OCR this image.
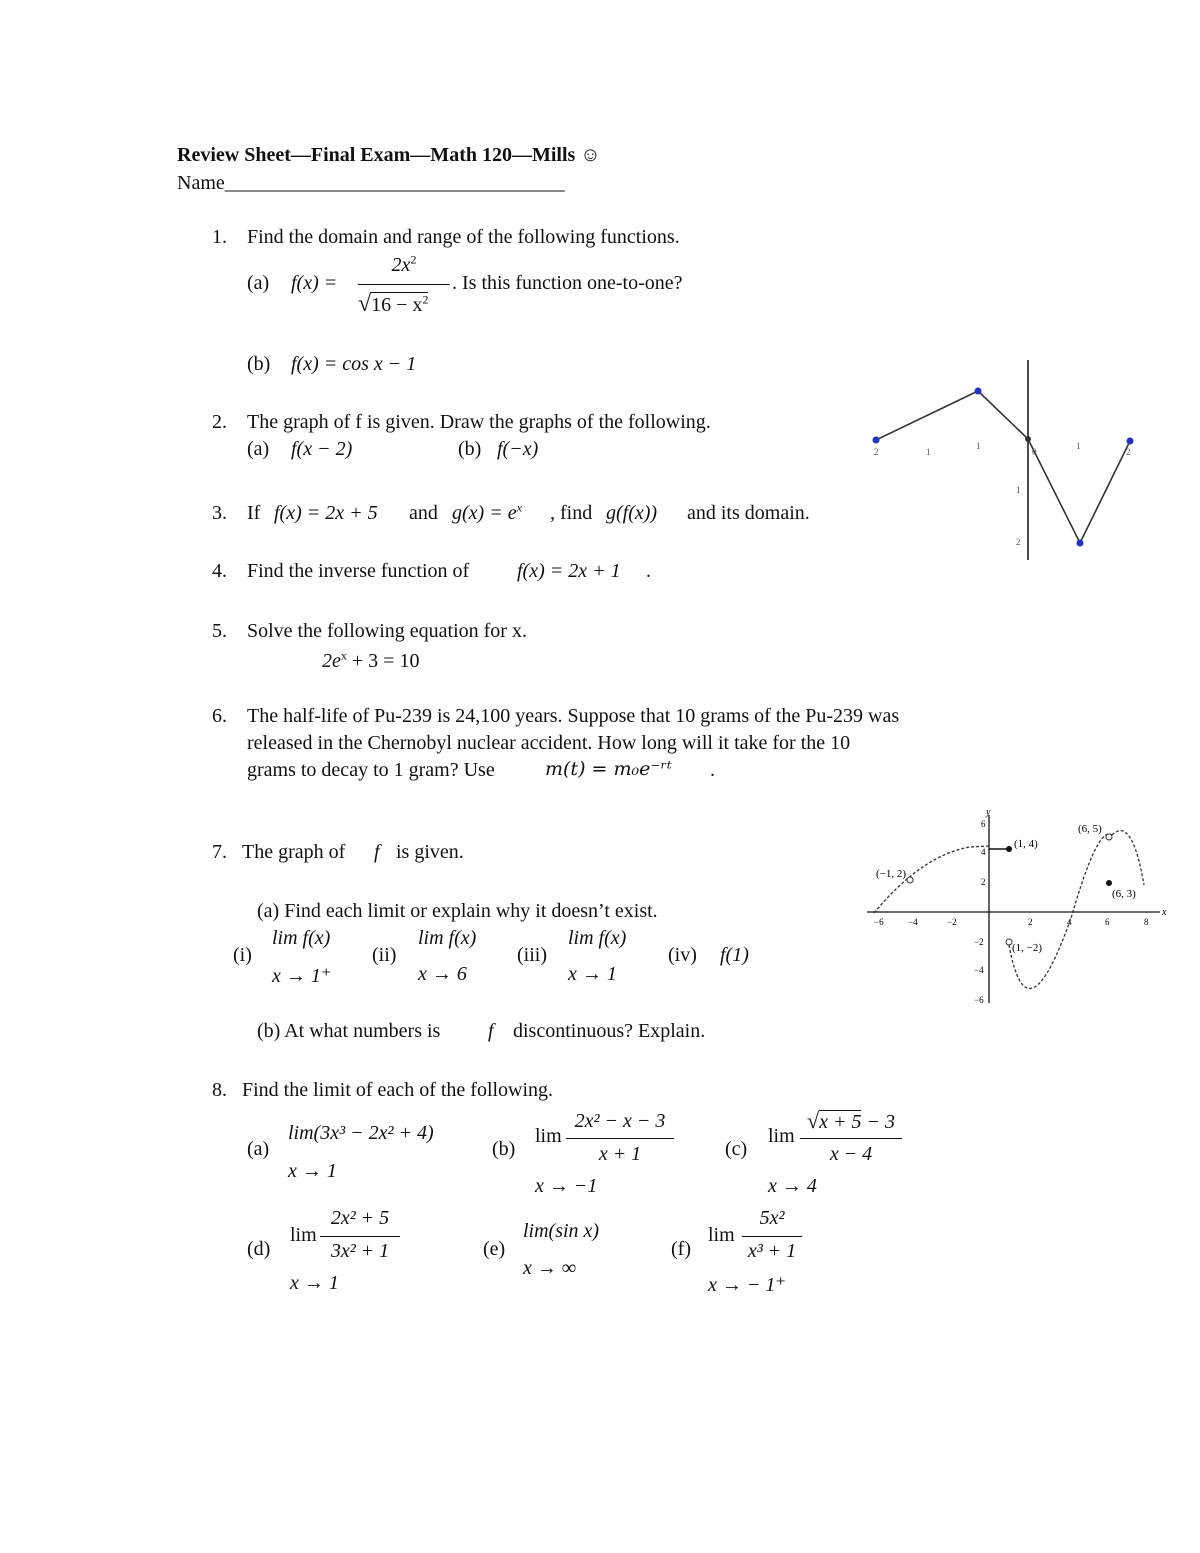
Review Sheet—Final Exam—Math 120—Mills ☺
Name__________________________________
1. Find the domain and range of the following functions.
(a) f(x) =
$2x^2$
$√16 - x^2$
. Is this function one-to-one?
(b) f(x) = cos x − 1
2. The graph of f is given. Draw the graphs of the following.
(a) f(x − 2)	(b) f(−x)	2	1
1
0
1
2
1
2
3. If f(x) = 2x + 5 and $g(x) = e^x$ , find g(f(x)) and its domain.
4. Find the inverse function of f(x) = 2x + 1 .
5. Solve the following equation for x.
$2e^x + 3 = 10$
6. The half-life of Pu-239 is 24,100 years. Suppose that 10 grams of the Pu-239 was
released in the Chernobyl nuclear accident. How long will it take for the 10
grams to decay to 1 gram? Use	m(t) = m₀e⁻ʳᵗ .
7. The graph of f is given.
(a) Find each limit or explain why it doesn’t exist.
(i)
lim f(x)
x → 1⁺
(ii)
lim f(x)
x → 6
(iii)
lim f(x)
x → 1
(iv) f(1)
(b) At what numbers is f discontinuous? Explain.
x
y
−6	−4	−2	2	4	6	8
6
4
2
−2
−4
−6
(−1, 2)
(1, 4)
(6, 5)
(6, 3)
(1, −2)
8. Find the limit of each of the following.
(a)
lim(3x³ − 2x² + 4)
x → 1
(b)
lim
2x² − x − 3
x + 1
x → −1
(c)
lim
√x + 5 − 3
x − 4
x → 4
(d)
lim
2x² + 5
3x² + 1
x → 1
(e)
lim(sin x)
x → ∞
(f)
lim
5x²
x³ + 1
x → − 1⁺
